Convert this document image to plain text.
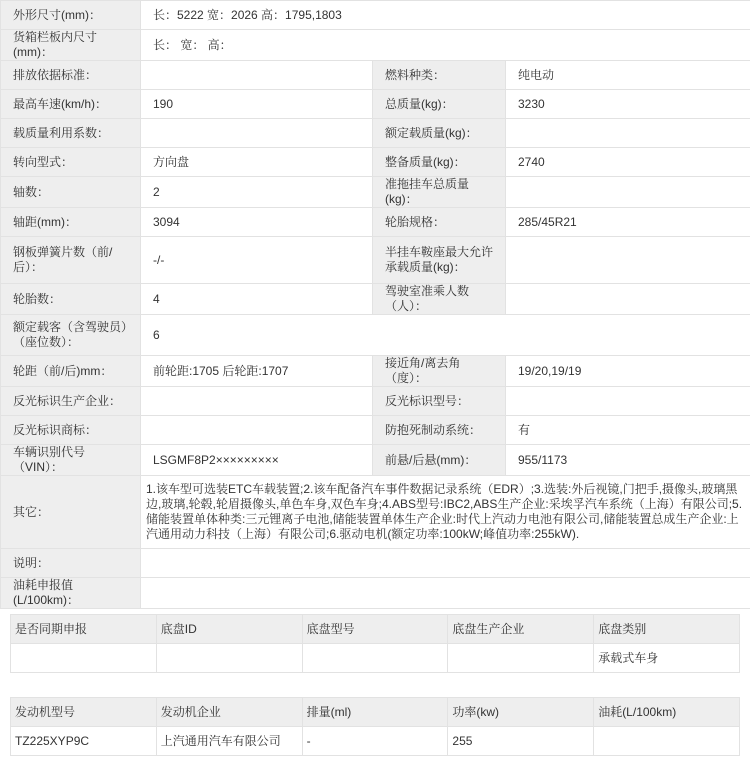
外形尺寸(mm)：	长：5222 宽：2026 高：1795,1803		
货箱栏板内尺寸(mm)：	长： 宽： 高：		
排放依据标准：		燃料种类：	纯电动
最高车速(km/h)：	190	总质量(kg)：	3230
载质量利用系数：		额定载质量(kg)：	
转向型式：	方向盘	整备质量(kg)：	2740
轴数：	2	准拖挂车总质量(kg)：	
轴距(mm)：	3094	轮胎规格：	285/45R21
钢板弹簧片数（前/后）：	-/-	半挂车鞍座最大允许承载质量(kg)：	
轮胎数：	4	驾驶室准乘人数（人）：	
额定载客（含驾驶员）（座位数）：	6		
轮距（前/后)mm：	前轮距:1705 后轮距:1707	接近角/离去角（度）：	19/20,19/19
反光标识生产企业：		反光标识型号：	
反光标识商标：		防抱死制动系统：	有
车辆识别代号（VIN）：	LSGMF8P2×××××××××	前悬/后悬(mm)：	955/1173
其它：	1.该车型可选装ETC车载装置;2.该车配备汽车事件数据记录系统（EDR）;3.选装:外后视镜,门把手,摄像头,玻璃黑边,玻璃,轮毂,轮眉摄像头,单色车身,双色车身;4.ABS型号:IBC2,ABS生产企业:采埃孚汽车系统（上海）有限公司;5.储能装置单体种类:三元锂离子电池,储能装置单体生产企业:时代上汽动力电池有限公司,储能装置总成生产企业:上汽通用动力科技（上海）有限公司;6.驱动电机(额定功率:100kW;峰值功率:255kW).		
说明：			
油耗申报值(L/100km)：			
是否同期申报	底盘ID	底盘型号	底盘生产企业	底盘类别
				承载式车身
发动机型号	发动机企业	排量(ml)	功率(kw)	油耗(L/100km)
TZ225XYP9C	上汽通用汽车有限公司	-	255	
